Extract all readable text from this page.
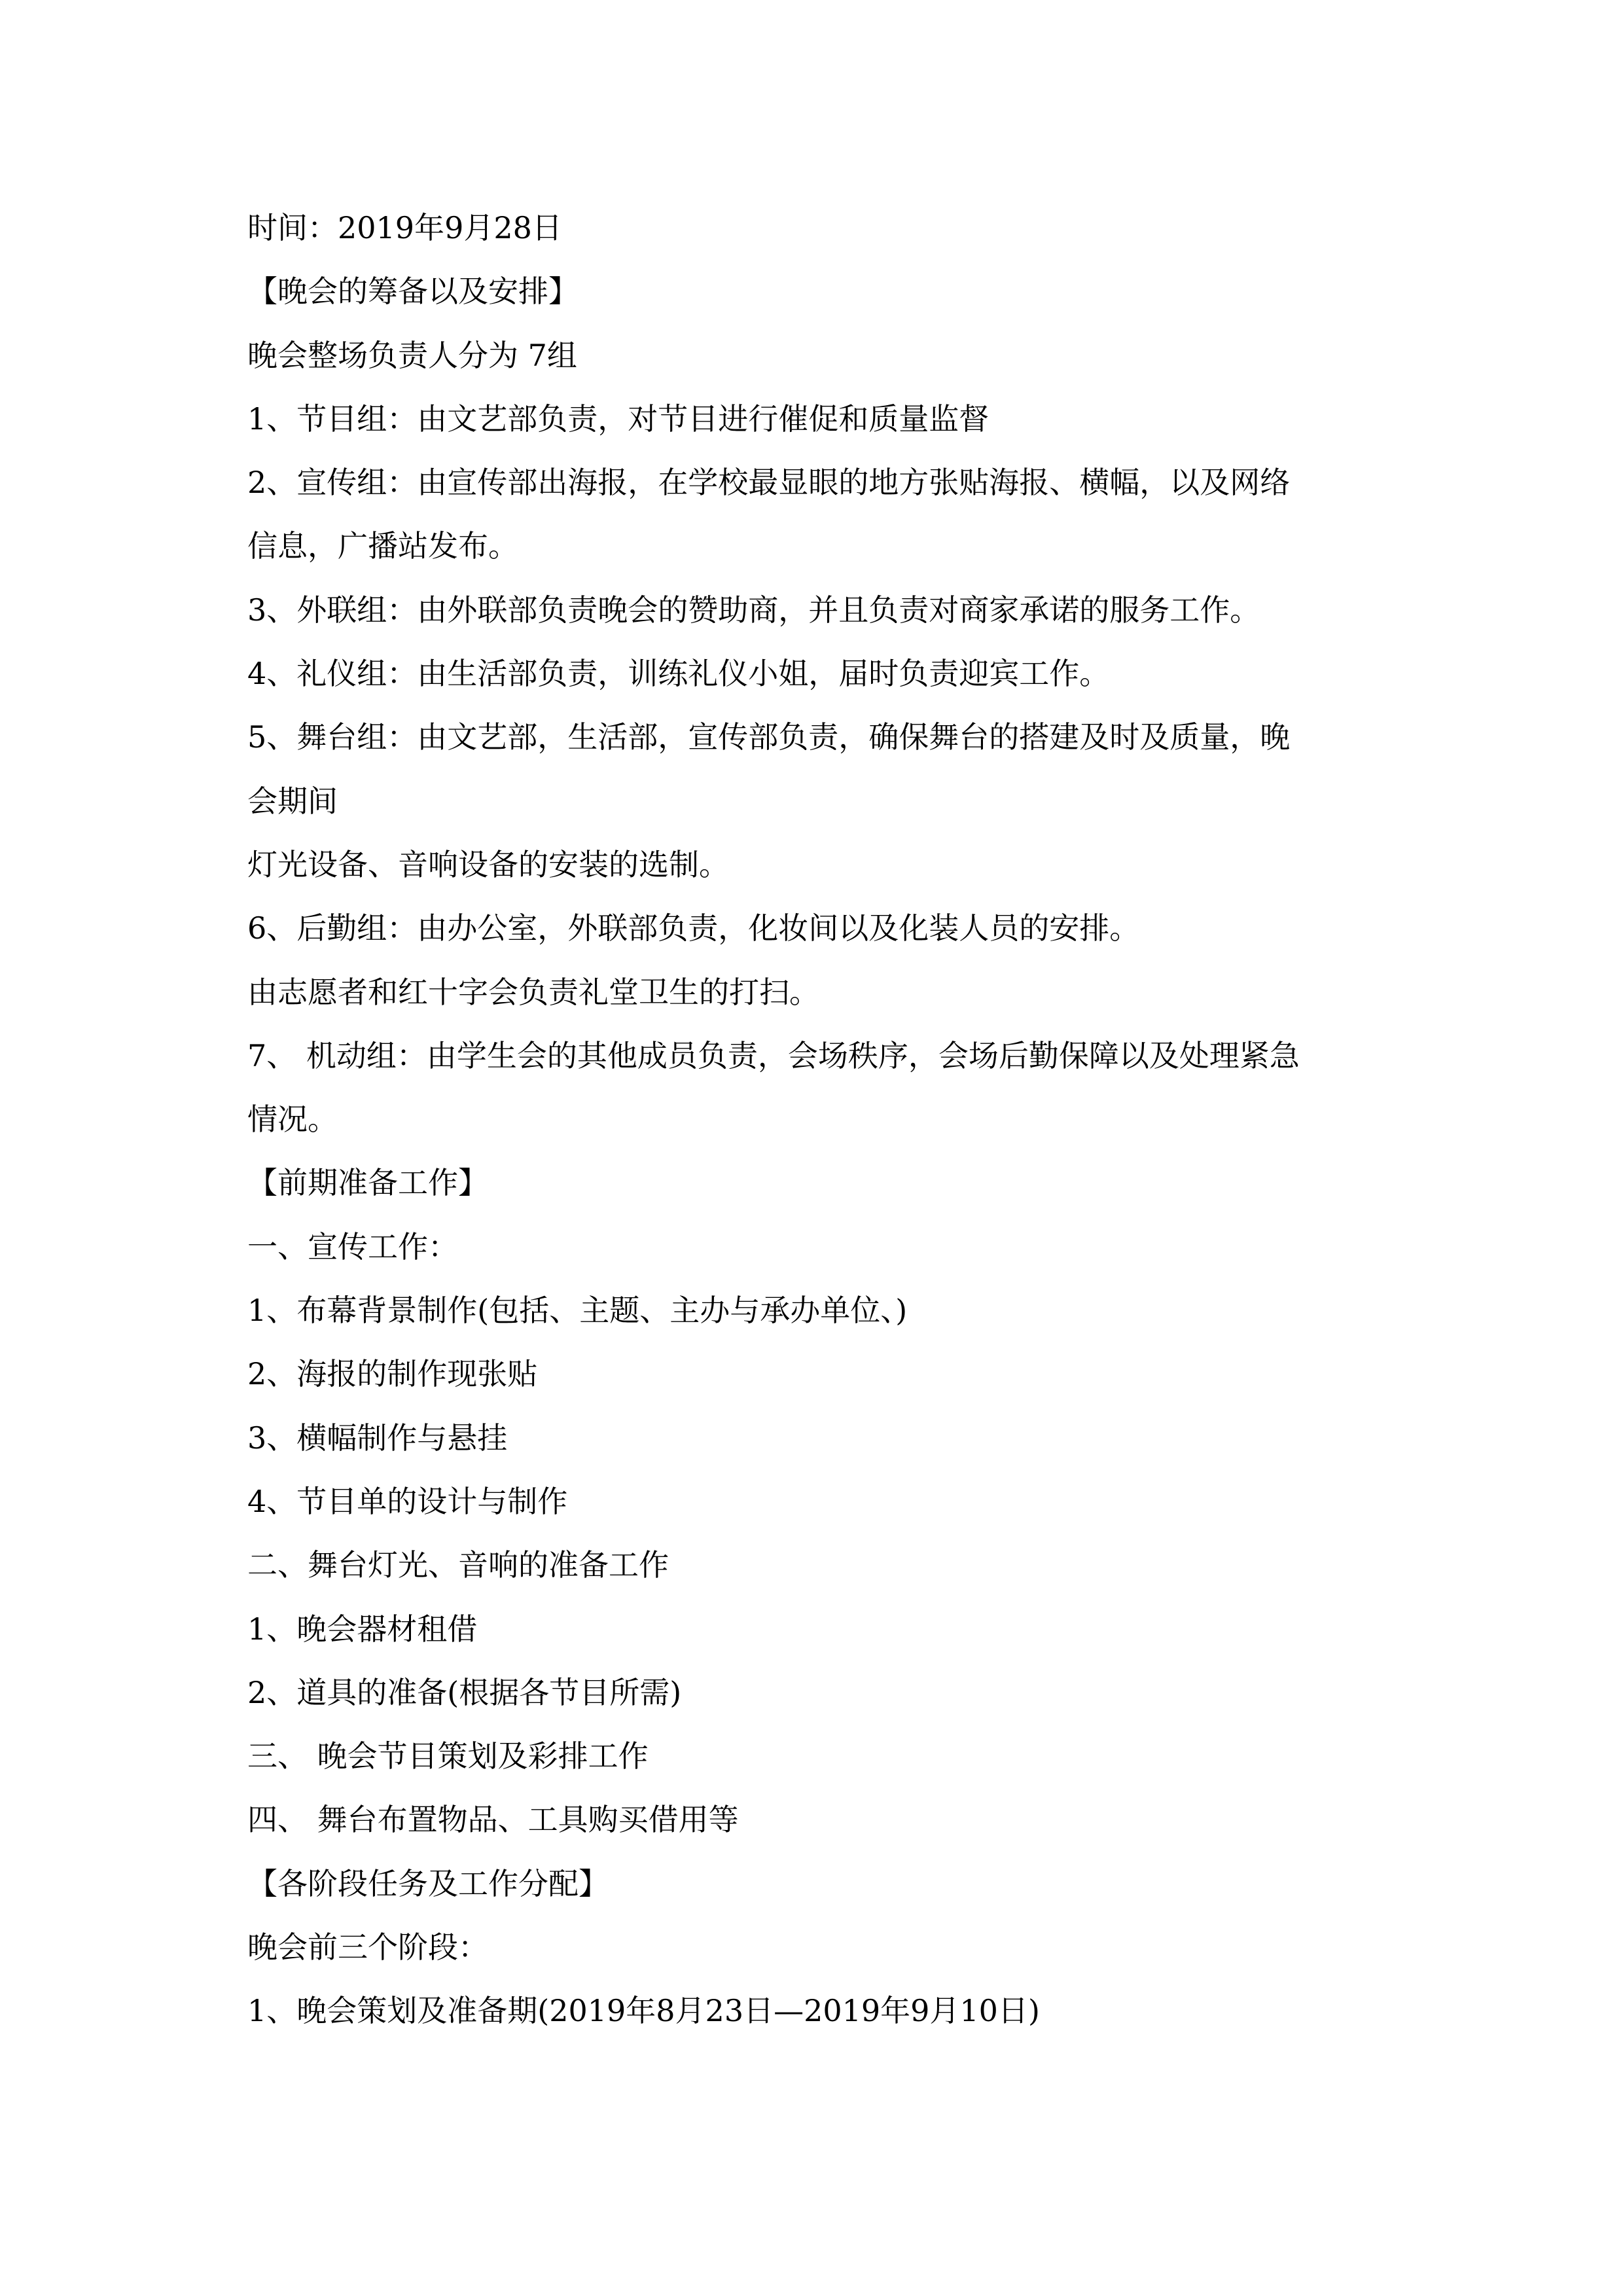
时间：2019年9月28日
【晚会的筹备以及安排】
晚会整场负责人分为 7组
1、节目组：由文艺部负责，对节目进行催促和质量监督
2、宣传组：由宣传部出海报，在学校最显眼的地方张贴海报、横幅，以及网络
信息，广播站发布。
3、外联组：由外联部负责晚会的赞助商，并且负责对商家承诺的服务工作。
4、礼仪组：由生活部负责，训练礼仪小姐，届时负责迎宾工作。
5、舞台组：由文艺部，生活部，宣传部负责，确保舞台的搭建及时及质量，晚
会期间
灯光设备、音响设备的安装的选制。
6、后勤组：由办公室，外联部负责，化妆间以及化装人员的安排。
由志愿者和红十字会负责礼堂卫生的打扫。
7、 机动组：由学生会的其他成员负责，会场秩序，会场后勤保障以及处理紧急
情况。
【前期准备工作】
一、宣传工作：
1、布幕背景制作(包括、主题、主办与承办单位、)
2、海报的制作现张贴
3、横幅制作与悬挂
4、节目单的设计与制作
二、舞台灯光、音响的准备工作
1、晚会器材租借
2、道具的准备(根据各节目所需)
三、 晚会节目策划及彩排工作
四、 舞台布置物品、工具购买借用等
【各阶段任务及工作分配】
晚会前三个阶段：
1、晚会策划及准备期(2019年8月23日—2019年9月10日)
